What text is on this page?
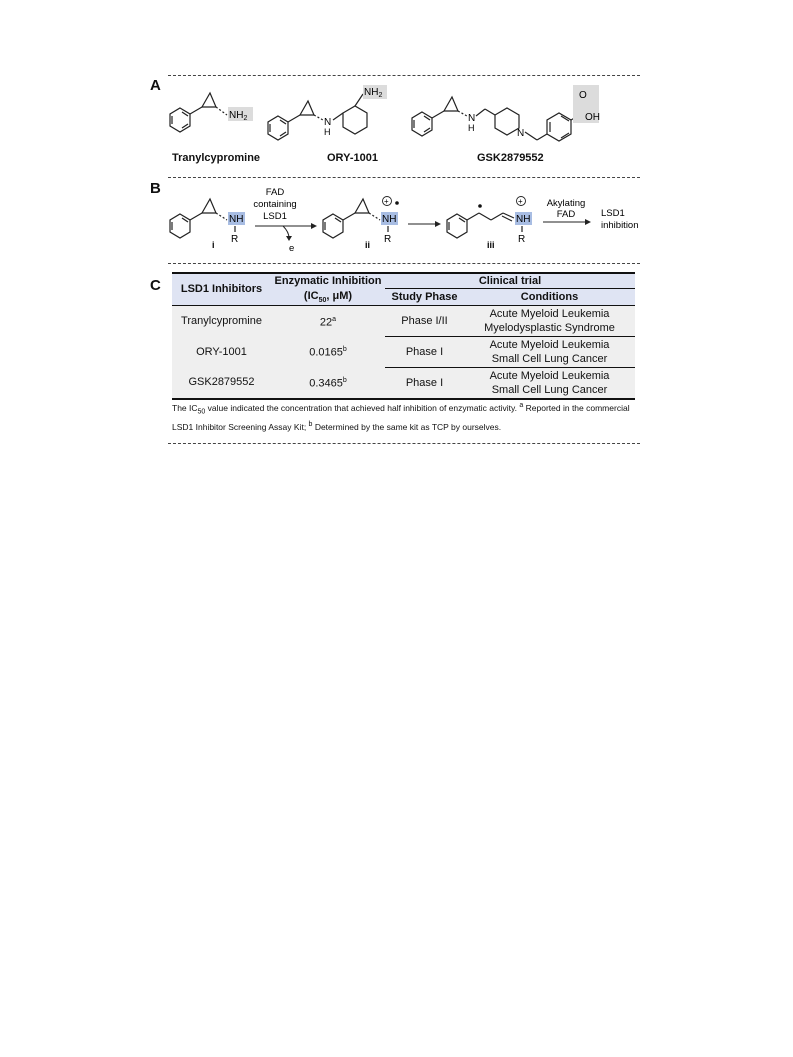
A
$NH_2$	N
H
$NH_2$
N
H	N
O
OH
Tranylcypromine	ORY-1001	GSK2879552
B
NH
R
i
FAD
containing
LSD1
e
+
NH
R
ii
+
NH
R
iii
Akylating
FAD	LSD1
inhibition
C LSD1 Inhibitors	Enzymatic Inhibition	Clinical trial	
	($IC_{50}$, μM)	Study Phase	Conditions
Tranylcypromine	22$^a$	Phase I/II	Acute Myeloid Leukemia
Myelodysplastic Syndrome

ORY-1001	0.0165$^b$	Phase I	Acute Myeloid Leukemia
Small Cell Lung Cancer

GSK2879552	0.3465$^b$	Phase I	Acute Myeloid Leukemia
Small Cell Lung Cancer
The $IC_{50}$ value indicated the concentration that achieved half inhibition of enzymatic activity. $^a$ Reported in the commercial LSD1 Inhibitor Screening Assay Kit; $^b$ Determined by the same kit as TCP by ourselves.
